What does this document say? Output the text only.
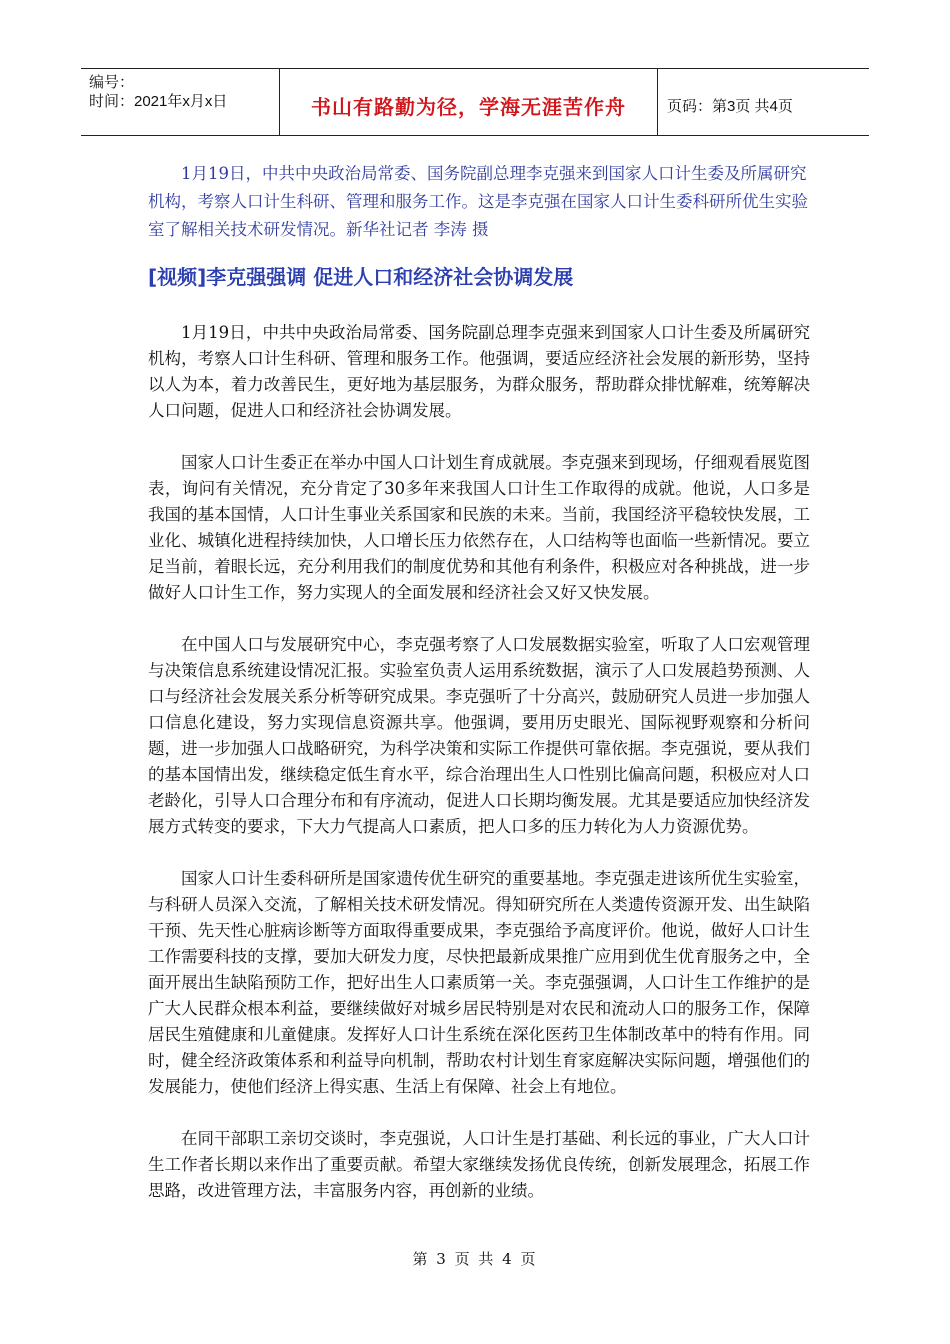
编号：
时间：2021年x月x日	书山有路勤为径，学海无涯苦作舟	页码：第3页 共4页

1月19日，中共中央政治局常委、国务院副总理李克强来到国家人口计生委及所属研究机构，考察人口计生科研、管理和服务工作。这是李克强在国家人口计生委科研所优生实验室了解相关技术研发情况。新华社记者 李涛 摄

[视频]李克强强调 促进人口和经济社会协调发展

1月19日，中共中央政治局常委、国务院副总理李克强来到国家人口计生委及所属研究机构，考察人口计生科研、管理和服务工作。他强调，要适应经济社会发展的新形势，坚持以人为本，着力改善民生，更好地为基层服务，为群众服务，帮助群众排忧解难，统筹解决人口问题，促进人口和经济社会协调发展。

国家人口计生委正在举办中国人口计划生育成就展。李克强来到现场，仔细观看展览图表，询问有关情况，充分肯定了30多年来我国人口计生工作取得的成就。他说，人口多是我国的基本国情，人口计生事业关系国家和民族的未来。当前，我国经济平稳较快发展，工业化、城镇化进程持续加快，人口增长压力依然存在，人口结构等也面临一些新情况。要立足当前，着眼长远，充分利用我们的制度优势和其他有利条件，积极应对各种挑战，进一步做好人口计生工作，努力实现人的全面发展和经济社会又好又快发展。

在中国人口与发展研究中心，李克强考察了人口发展数据实验室，听取了人口宏观管理与决策信息系统建设情况汇报。实验室负责人运用系统数据，演示了人口发展趋势预测、人口与经济社会发展关系分析等研究成果。李克强听了十分高兴，鼓励研究人员进一步加强人口信息化建设，努力实现信息资源共享。他强调，要用历史眼光、国际视野观察和分析问题，进一步加强人口战略研究，为科学决策和实际工作提供可靠依据。李克强说，要从我们的基本国情出发，继续稳定低生育水平，综合治理出生人口性别比偏高问题，积极应对人口老龄化，引导人口合理分布和有序流动，促进人口长期均衡发展。尤其是要适应加快经济发展方式转变的要求，下大力气提高人口素质，把人口多的压力转化为人力资源优势。

国家人口计生委科研所是国家遗传优生研究的重要基地。李克强走进该所优生实验室，与科研人员深入交流，了解相关技术研发情况。得知研究所在人类遗传资源开发、出生缺陷干预、先天性心脏病诊断等方面取得重要成果，李克强给予高度评价。他说，做好人口计生工作需要科技的支撑，要加大研发力度，尽快把最新成果推广应用到优生优育服务之中，全面开展出生缺陷预防工作，把好出生人口素质第一关。李克强强调，人口计生工作维护的是广大人民群众根本利益，要继续做好对城乡居民特别是对农民和流动人口的服务工作，保障居民生殖健康和儿童健康。发挥好人口计生系统在深化医药卫生体制改革中的特有作用。同时，健全经济政策体系和利益导向机制，帮助农村计划生育家庭解决实际问题，增强他们的发展能力，使他们经济上得实惠、生活上有保障、社会上有地位。

在同干部职工亲切交谈时，李克强说，人口计生是打基础、利长远的事业，广大人口计生工作者长期以来作出了重要贡献。希望大家继续发扬优良传统，创新发展理念，拓展工作思路，改进管理方法，丰富服务内容，再创新的业绩。

第 3 页 共 4 页
